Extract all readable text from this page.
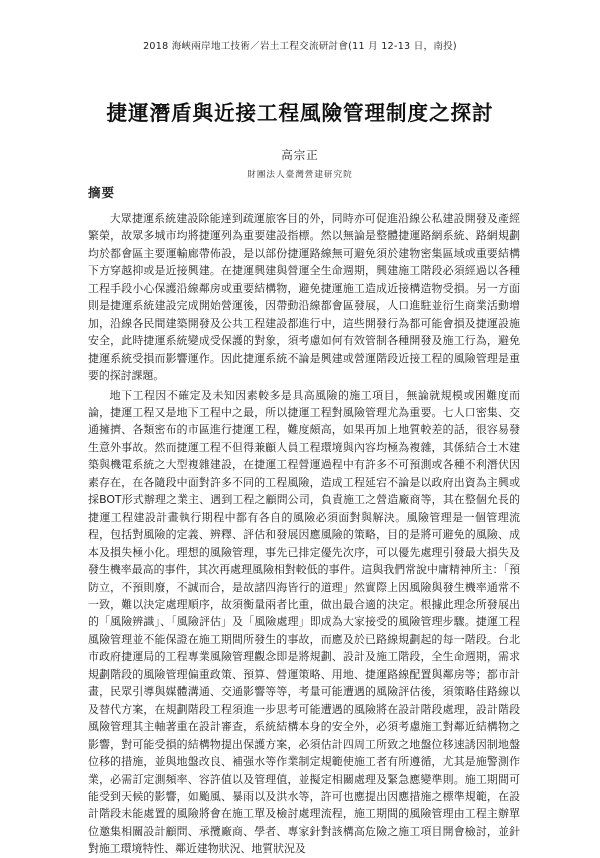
2018 海峽兩岸地工技術／岩土工程交流研討會(11 月 12-13 日，南投)
捷運潛盾與近接工程風險管理制度之探討
高宗正
財團法人臺灣營建研究院
摘要

大眾捷運系統建設除能達到疏運旅客目的外，同時亦可促進沿線公私建設開發及產經繁榮，故眾多城市均將捷運列為重要建設指標。然以無論是整體捷運路網系統、路網規劃均於都會區主要運輸廊帶佈設，是以部份捷運路線無可避免須於建物密集區域或重要結構下方穿越抑或是近接興建。在捷運興建與營運全生命週期，興建施工階段必須經過以各種工程手段小心保護沿線鄰房或重要結構物，避免捷運施工造成近接構造物受損。另一方面則是捷運系統建設完成開始營運後，因帶動沿線都會區發展，人口進駐並衍生商業活動增加，沿線各民間建築開發及公共工程建設都進行中，這些開發行為都可能會損及捷運設施安全，此時捷運系統變成受保護的對象，須考慮如何有效管制各種開發及施工行為，避免捷運系統受損而影響運作。因此捷運系統不論是興建或營運階段近接工程的風險管理是重要的探討課題。

地下工程因不確定及未知因素較多是具高風險的施工項目，無論就規模或困難度而論，捷運工程又是地下工程中之最，所以捷運工程對風險管理尤為重要。七人口密集、交通擁擠、各類密布的市區進行捷運工程，難度頗高，如果再加上地質較差的話，很容易發生意外事故。然而捷運工程不但得兼顧人員工程環境與內容均極為複雜，其係結合土木建築與機電系統之大型複雜建設，在捷運工程營運過程中有許多不可預測或各種不利潛伏因素存在，在各隨段中面對許多不同的工程風險，造成工程延宕不論是以政府出資為主興或採BOT形式辦理之業主、遇到工程之顧問公司，負責施工之營造廠商等，其在整個允長的捷運工程建設計畫執行期程中都有各自的風險必須面對與解決。風險管理是一個管理流程，包括對風險的定義、辨釋、評估和發展因應風險的策略，目的是將可避免的風險、成本及損失極小化。理想的風險管理，事先已排定優先次序，可以優先處理引發最大損失及發生機率最高的事件，其次再處理風險相對較低的事件。這與我們常說中庸精神所主：「預防立，不預則廢，不誠而合，是故諸四海皆行的道理」然實際上因風險與發生機率通常不一致，難以決定處理順序，故須衡量兩者比重，做出最合適的決定。根據此理念所發展出的「風險辨識」、「風險評估」及「風險處理」即成為大家接受的風險管理步驟。捷運工程風險管理並不能保證在施工期間所發生的事故，而應及於已路線規劃起的每一階段。台北市政府捷運局的工程專業風險管理觀念即是將規劃、設計及施工階段，全生命週期，需求規劃階段的風險管理偏重政策、預算、營運策略、用地、捷運路線配置與鄰房等；都市計畫，民眾引導與媒體溝通、交通影響等等，考量可能遭遇的風險評估後，須策略佳路線以及替代方案，在規劃階段工程須進一步思考可能遭遇的風險將在設計階段處理，設計階段風險管理其主軸著重在設計審查，系統結構本身的安全外，必須考慮施工對鄰近結構物之影響，對可能受損的結構物提出保護方案，必須估計四周工所致之地盤位移速誘因制地盤位移的措施，並與地盤改良、補强水等作業制定規範使施工者有所遵循，尤其是施警測作業，必需訂定測頻率、容許值以及管理值，並擬定相關處理及緊急應變準則。施工期間可能受到天候的影響，如颱風、暴雨以及洪水等，許可也應提出因應措施之標準規範，在設計階段未能處置的風險將會在施工單及檢討處理流程，施工期間的風險管理由工程主辦單位邀集相關設計顧問、承攬廠商、學者、專家針對該構高危險之施工項目開會檢討，並針對施工環境特性、鄰近建物狀況、地質狀況及
